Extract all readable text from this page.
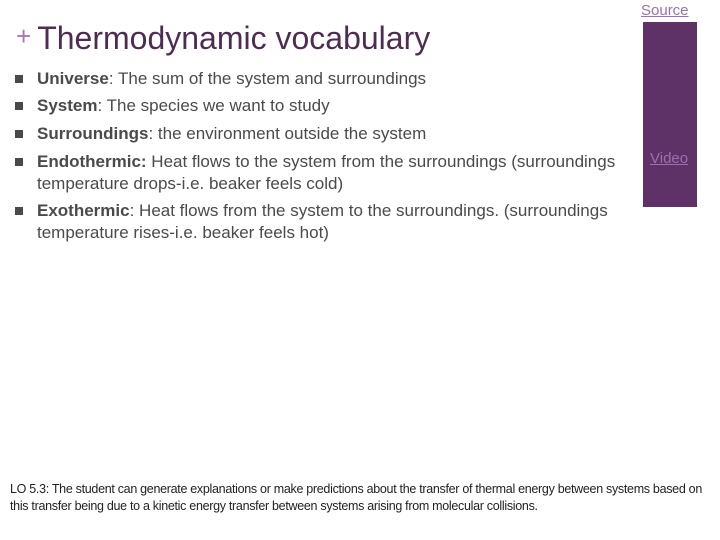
+ Thermodynamic vocabulary
Source
Universe: The sum of the system and surroundings
System: The species we want to study
Surroundings: the environment outside the system
Endothermic: Heat flows to the system from the surroundings (surroundings temperature drops-i.e. beaker feels cold)
Exothermic: Heat flows from the system to the surroundings. (surroundings temperature rises-i.e. beaker feels hot)
Video
LO 5.3: The student can generate explanations or make predictions about the transfer of thermal energy between systems based on this transfer being due to a kinetic energy transfer between systems arising from molecular collisions.
